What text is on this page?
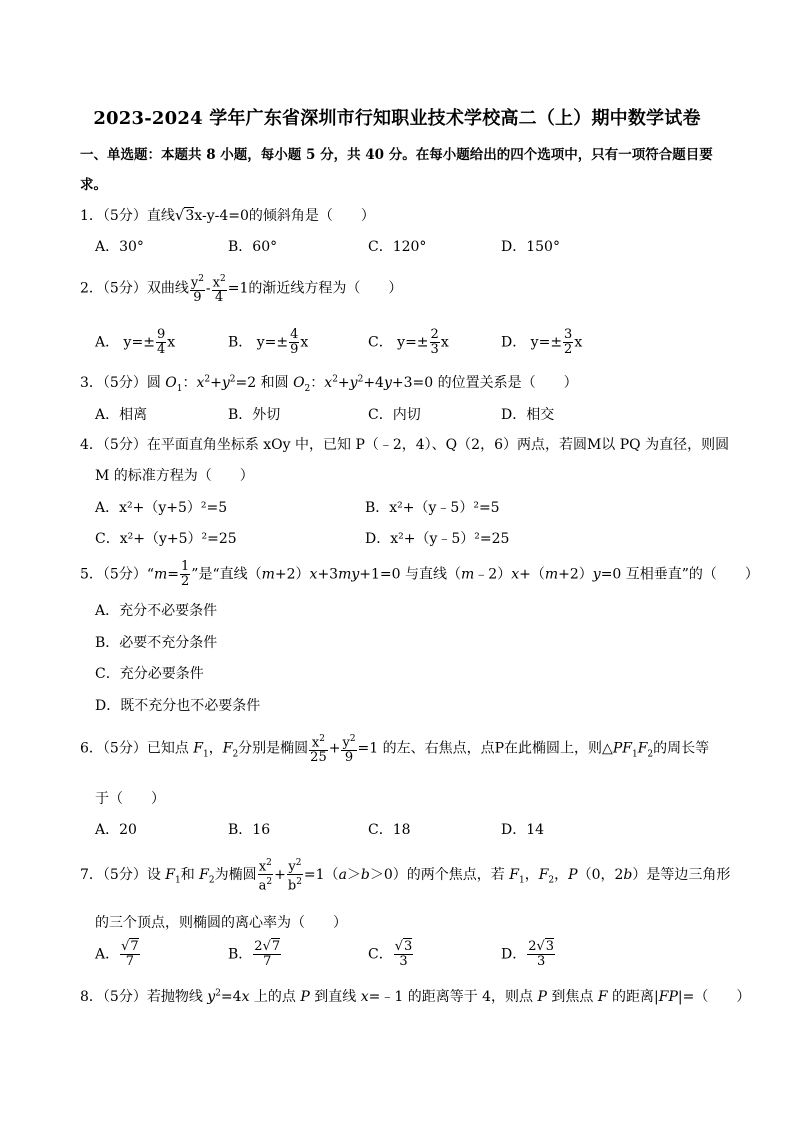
2023-2024 学年广东省深圳市行知职业技术学校高二（上）期中数学试卷
一、单选题：本题共 8 小题，每小题 5 分，共 40 分。在每小题给出的四个选项中，只有一项符合题目要求。
1．（5分）直线√3x-y-4=0的倾斜角是（　　）
A．30°	B．60°	C．120°	D．150°
2．（5分）双曲线 $\frac{y^2}{9} - \frac{x^2}{4} =1$的渐近线方程为（　　）
A． $y=\pm \frac{9}{4}$ x	B． $y=\pm \frac{4}{9}$ x	C． $y=\pm \frac{2}{3}$ x	D． $y=\pm \frac{3}{2}$ x
3．（5分）圆 $O_1$：$x^2+y^2=2$ 和圆 $O_2$：$x^2+y^2+4y+3=0$ 的位置关系是（　　）
A．相离	B．外切	C．内切	D．相交
4．（5分）在平面直角坐标系 xOy 中，已知 P（﹣2，4）、Q（2，6）两点，若圆M以 PQ 为直径，则圆
M 的标准方程为（　　）
A．x²+（y+5）²=5	B．x²+（y﹣5）²=5
C．x²+（y+5）²=25	D．x²+（y﹣5）²=25
5．（5分）“m= $\frac{1}{2}$ ”是“直线（m+2）x+3my+1=0 与直线（m﹣2）x+（m+2）y=0 互相垂直”的（　　）
A．充分不必要条件
B．必要不充分条件
C．充分必要条件
D．既不充分也不必要条件
6．（5分）已知点 $F_1$，$F_2$分别是椭圆 $\frac{x^2}{25} + \frac{y^2}{9} =1$ 的左、右焦点，点P在此椭圆上，则$\triangle PF_1F_2$的周长等
于（　　）
A．20	B．16	C．18	D．14
7．（5分）设 $F_1$和 $F_2$为椭圆 $\frac{x^2}{a^2} + \frac{y^2}{b^2} =1(a>b>0)$的两个焦点，若 $F_1$，$F_2$，P（0，2b）是等边三角形
的三个顶点，则椭圆的离心率为（　　）
A． $\frac{√7}{7}$	B． $\frac{2√7}{7}$	C． $\frac{√3}{3}$	D． $\frac{2√3}{3}$
8．（5分）若抛物线 $y^2=4x$ 上的点 P 到直线 x=﹣1 的距离等于 4，则点 P 到焦点 F 的距离|FP|=（　　）
